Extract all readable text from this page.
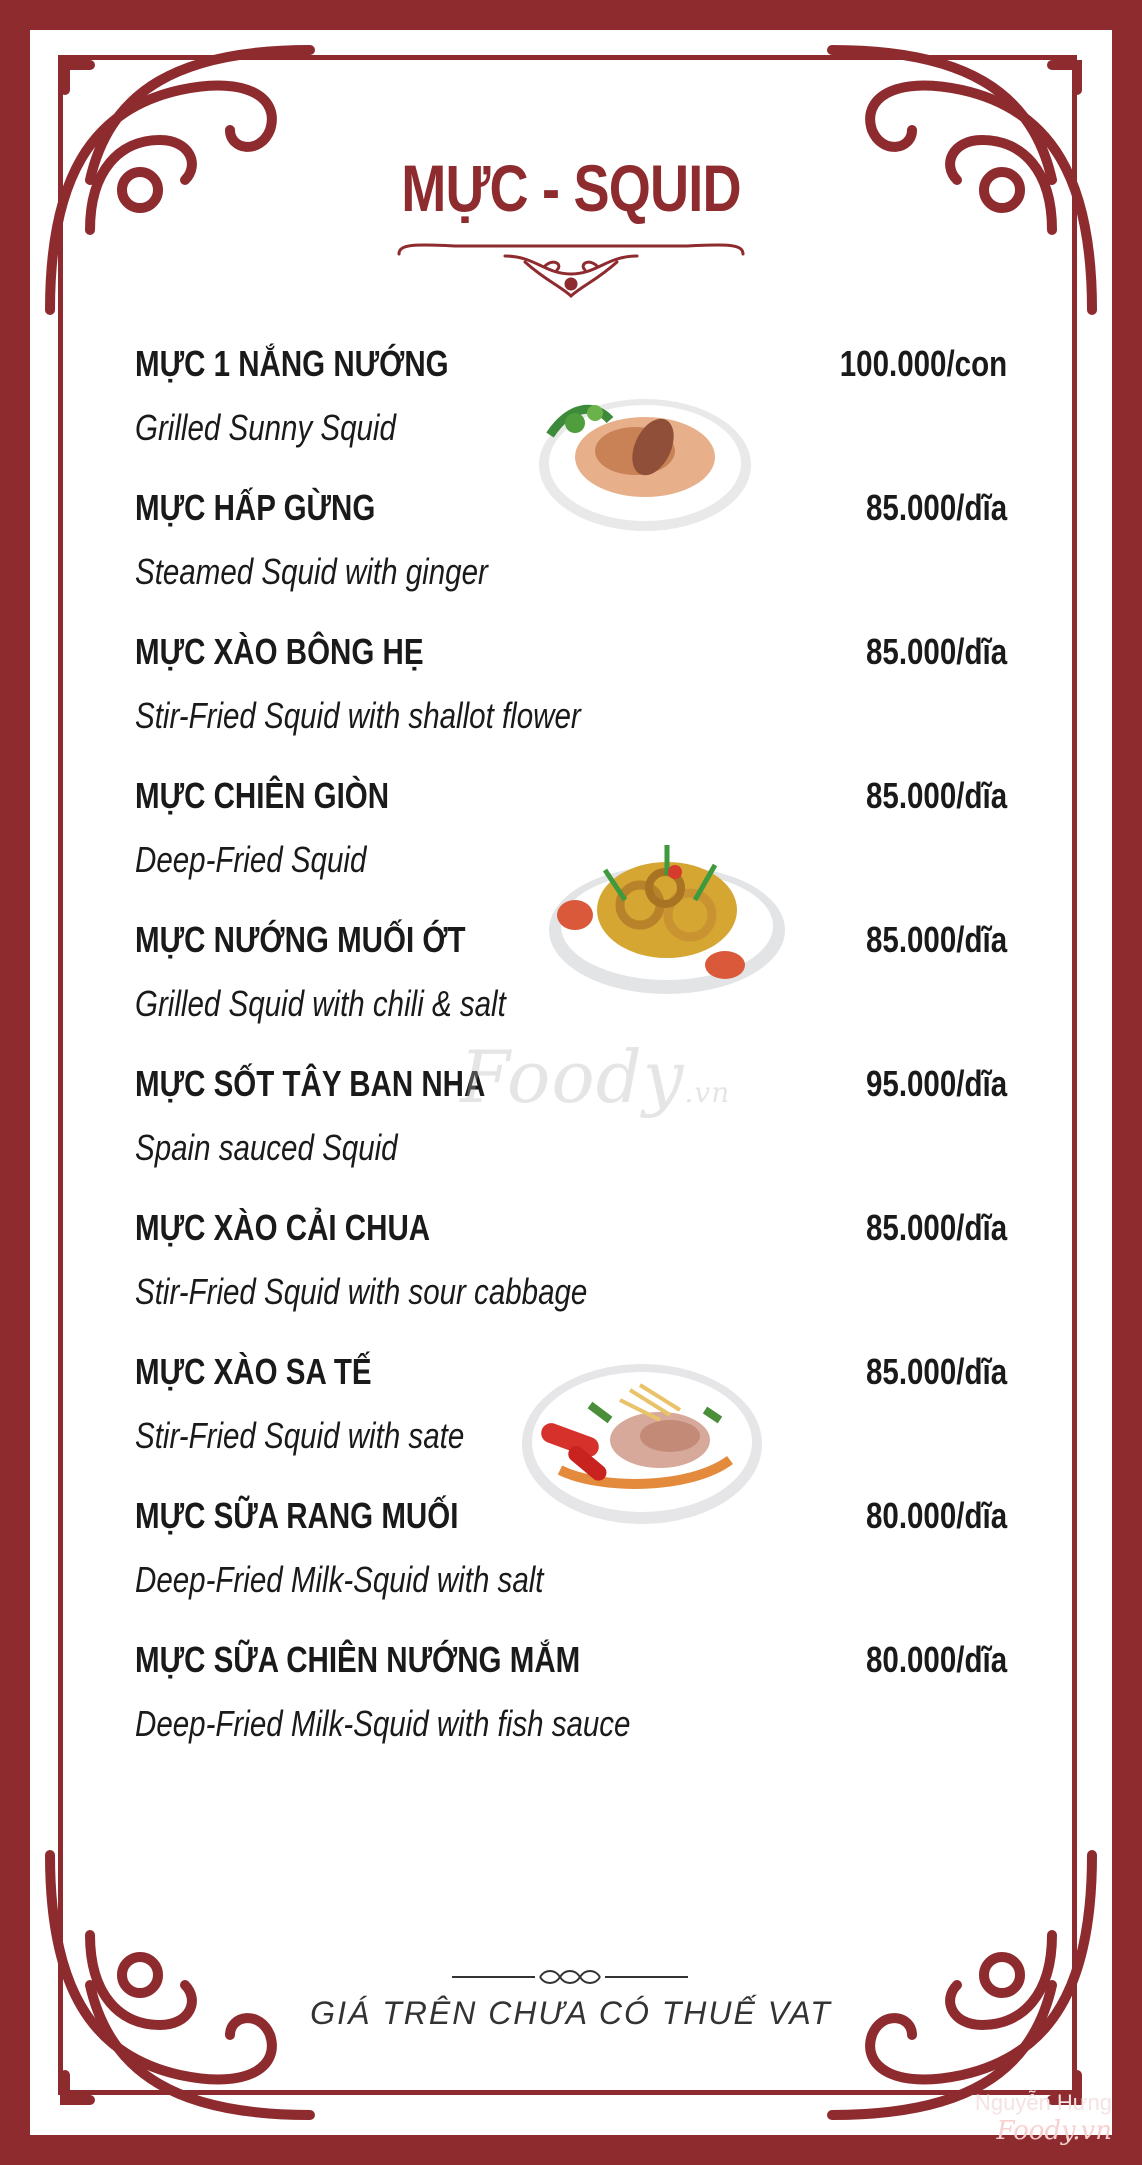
MỰC - SQUID
MỰC 1 NẮNG NƯỚNG	100.000/con
Grilled Sunny Squid
MỰC HẤP GỪNG	85.000/dĩa
Steamed Squid with ginger
MỰC XÀO BÔNG HẸ	85.000/dĩa
Stir-Fried Squid with shallot flower
MỰC CHIÊN GIÒN	85.000/dĩa
Deep-Fried Squid
MỰC NƯỚNG MUỐI ỚT	85.000/dĩa
Grilled Squid with chili & salt
MỰC SỐT TÂY BAN NHA	95.000/dĩa
Spain sauced Squid
MỰC XÀO CẢI CHUA	85.000/dĩa
Stir-Fried Squid with sour cabbage
MỰC XÀO SA TẾ	85.000/dĩa
Stir-Fried Squid with sate
MỰC SỮA RANG MUỐI	80.000/dĩa
Deep-Fried Milk-Squid with salt
MỰC SỮA CHIÊN NƯỚNG MẮM	80.000/dĩa
Deep-Fried Milk-Squid with fish sauce
Foody.vn
GIÁ TRÊN CHƯA CÓ THUẾ VAT
Nguyễn Hưng
Foody.vn
